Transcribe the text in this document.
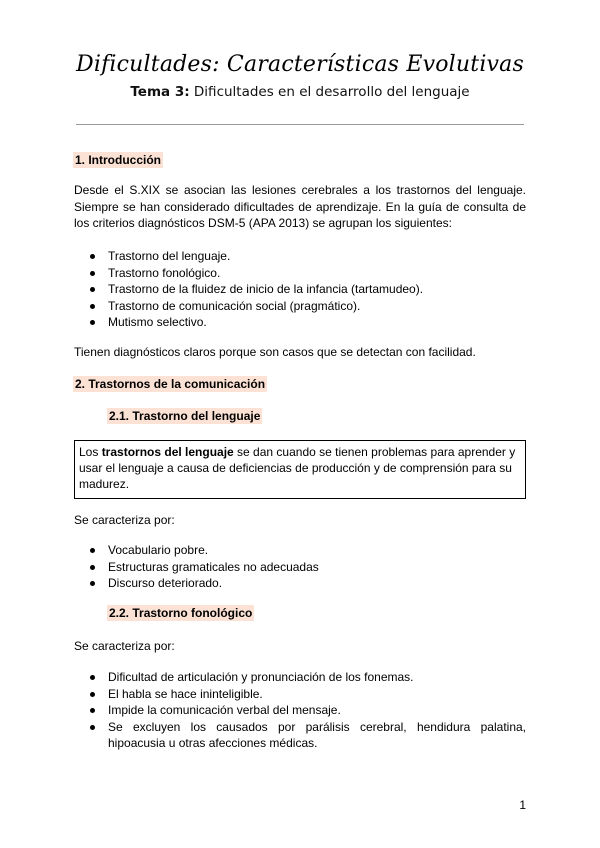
Dificultades: Características Evolutivas
Tema 3: Dificultades en el desarrollo del lenguaje
1. Introducción
Desde el S.XIX se asocian las lesiones cerebrales a los trastornos del lenguaje. Siempre se han considerado dificultades de aprendizaje. En la guía de consulta de los criterios diagnósticos DSM-5 (APA 2013) se agrupan los siguientes:
Trastorno del lenguaje.
Trastorno fonológico.
Trastorno de la fluidez de inicio de la infancia (tartamudeo).
Trastorno de comunicación social (pragmático).
Mutismo selectivo.
Tienen diagnósticos claros porque son casos que se detectan con facilidad.
2. Trastornos de la comunicación
2.1. Trastorno del lenguaje
Los trastornos del lenguaje se dan cuando se tienen problemas para aprender y usar el lenguaje a causa de deficiencias de producción y de comprensión para su madurez.
Se caracteriza por:
Vocabulario pobre.
Estructuras gramaticales no adecuadas
Discurso deteriorado.
2.2. Trastorno fonológico
Se caracteriza por:
Dificultad de articulación y pronunciación de los fonemas.
El habla se hace ininteligible.
Impide la comunicación verbal del mensaje.
Se excluyen los causados por parálisis cerebral, hendidura palatina, hipoacusia u otras afecciones médicas.
1
